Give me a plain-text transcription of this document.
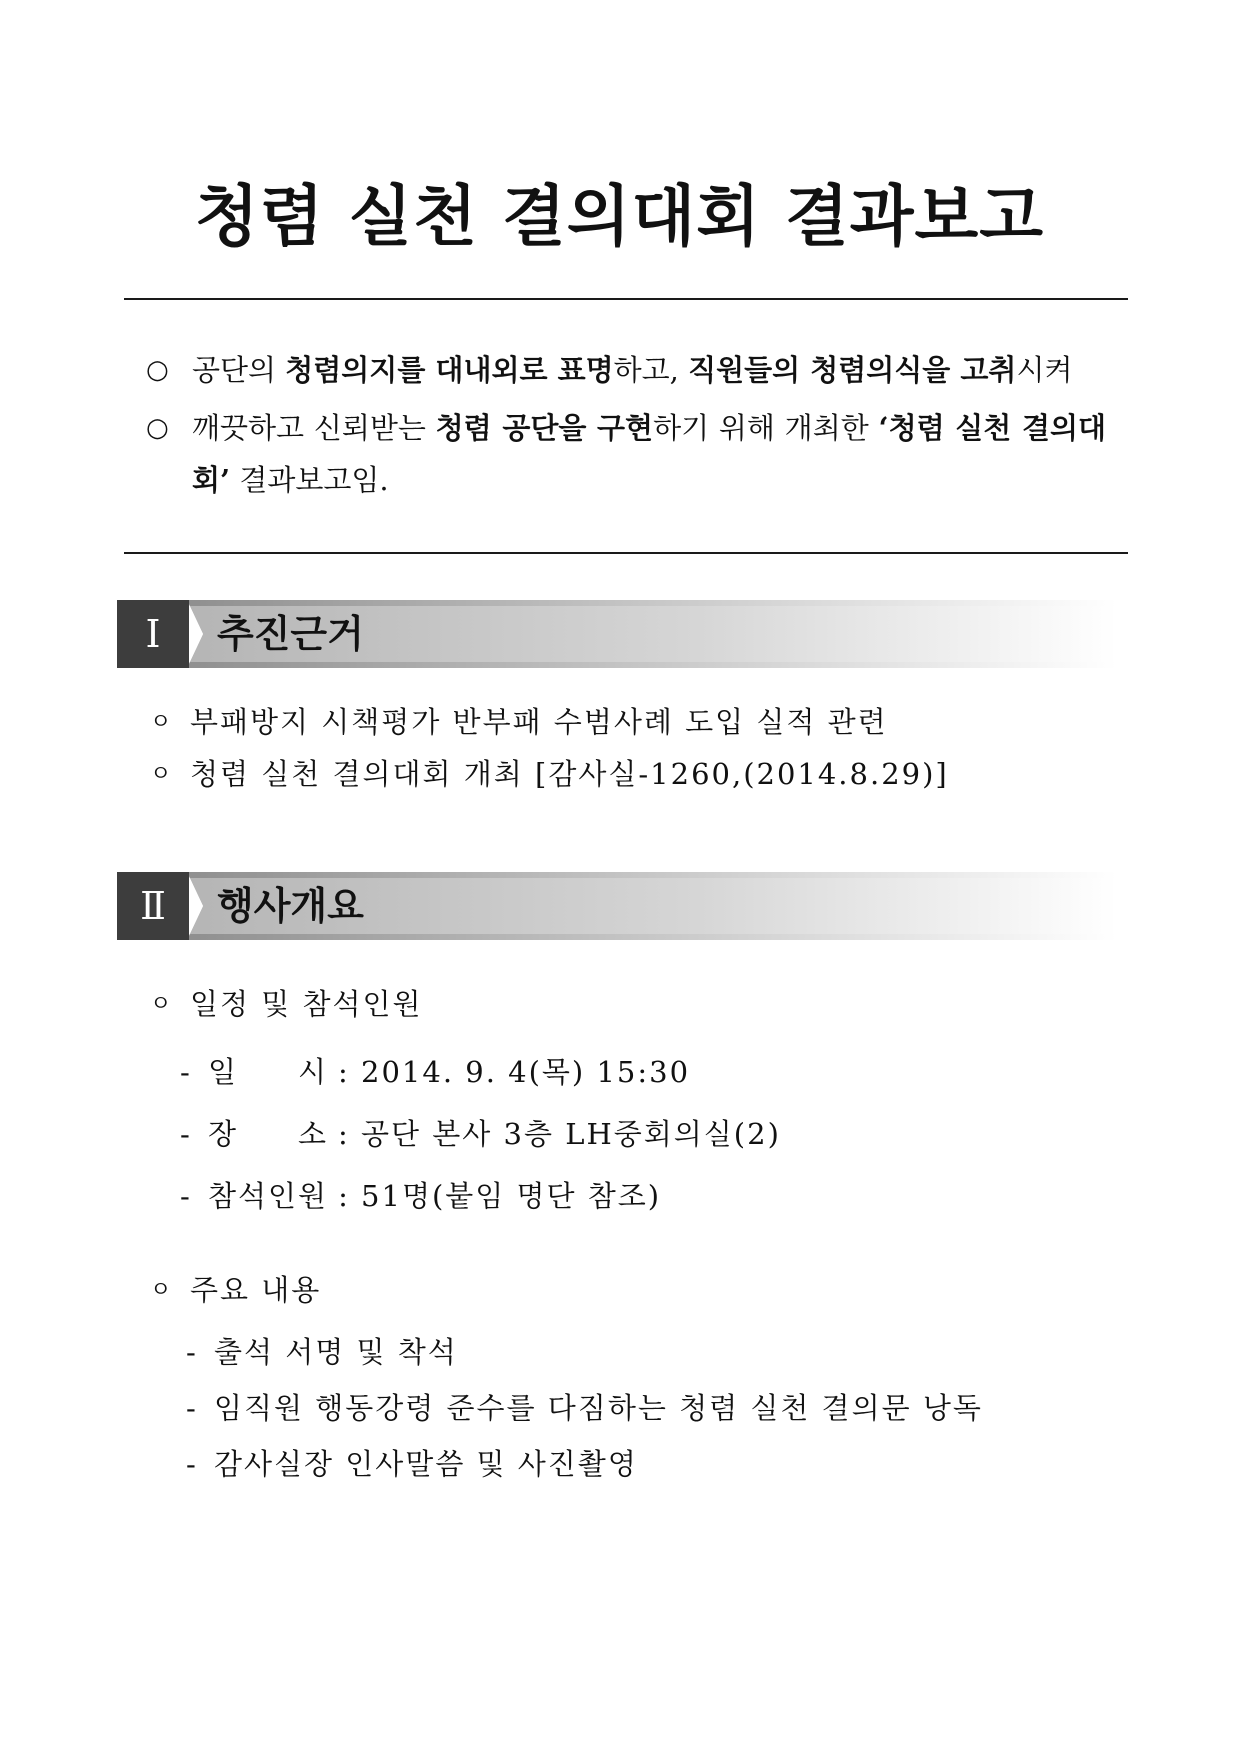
청렴 실천 결의대회 결과보고
○ 공단의 청렴의지를 대내외로 표명하고, 직원들의 청렴의식을 고취시켜
○ 깨끗하고 신뢰받는 청렴 공단을 구현하기 위해 개최한 ‘청렴 실천 결의대회’ 결과보고임.
Ⅰ	추진근거
ㅇ 부패방지 시책평가 반부패 수범사례 도입 실적 관련
ㅇ 청렴 실천 결의대회 개최 [감사실-1260,(2014.8.29)]
Ⅱ	행사개요
ㅇ 일정 및 참석인원
- 일 시 : 2014. 9. 4(목) 15:30
- 장 소 : 공단 본사 3층 LH중회의실(2)
- 참석인원 : 51명(붙임 명단 참조)
ㅇ 주요 내용
- 출석 서명 및 착석
- 임직원 행동강령 준수를 다짐하는 청렴 실천 결의문 낭독
- 감사실장 인사말씀 및 사진촬영
